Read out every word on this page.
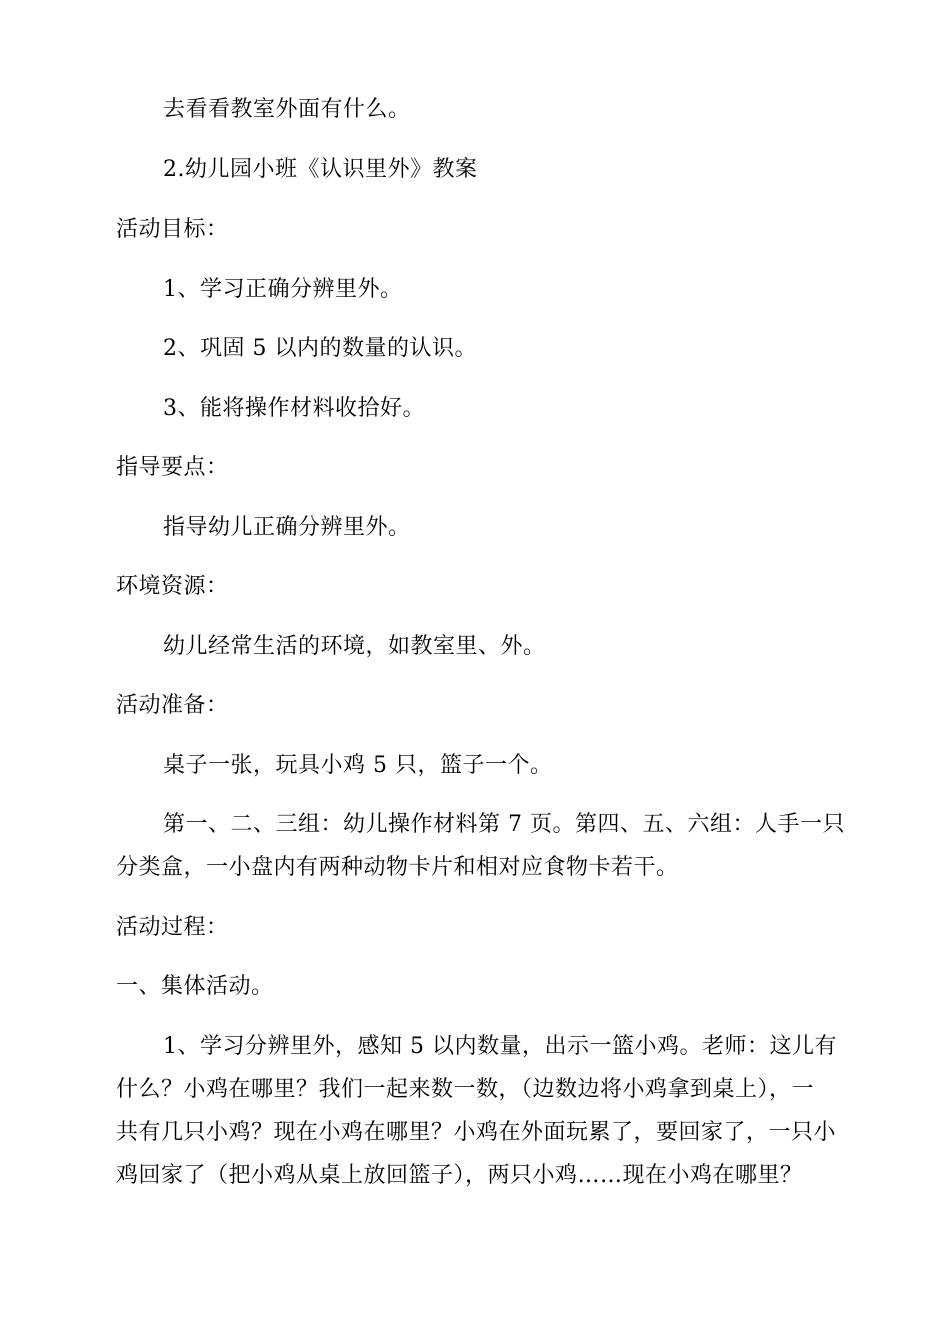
去看看教室外面有什么。
2.幼儿园小班《认识里外》教案
活动目标：
1、学习正确分辨里外。
2、巩固 5 以内的数量的认识。
3、能将操作材料收拾好。
指导要点：
指导幼儿正确分辨里外。
环境资源：
幼儿经常生活的环境，如教室里、外。
活动准备：
桌子一张，玩具小鸡 5 只，篮子一个。
第一、二、三组：幼儿操作材料第 7 页。第四、五、六组：人手一只
分类盒，一小盘内有两种动物卡片和相对应食物卡若干。
活动过程：
一、集体活动。
1、学习分辨里外，感知 5 以内数量，出示一篮小鸡。老师：这儿有
什么？小鸡在哪里？我们一起来数一数，（边数边将小鸡拿到桌上），一
共有几只小鸡？现在小鸡在哪里？小鸡在外面玩累了，要回家了，一只小
鸡回家了（把小鸡从桌上放回篮子），两只小鸡……现在小鸡在哪里？
